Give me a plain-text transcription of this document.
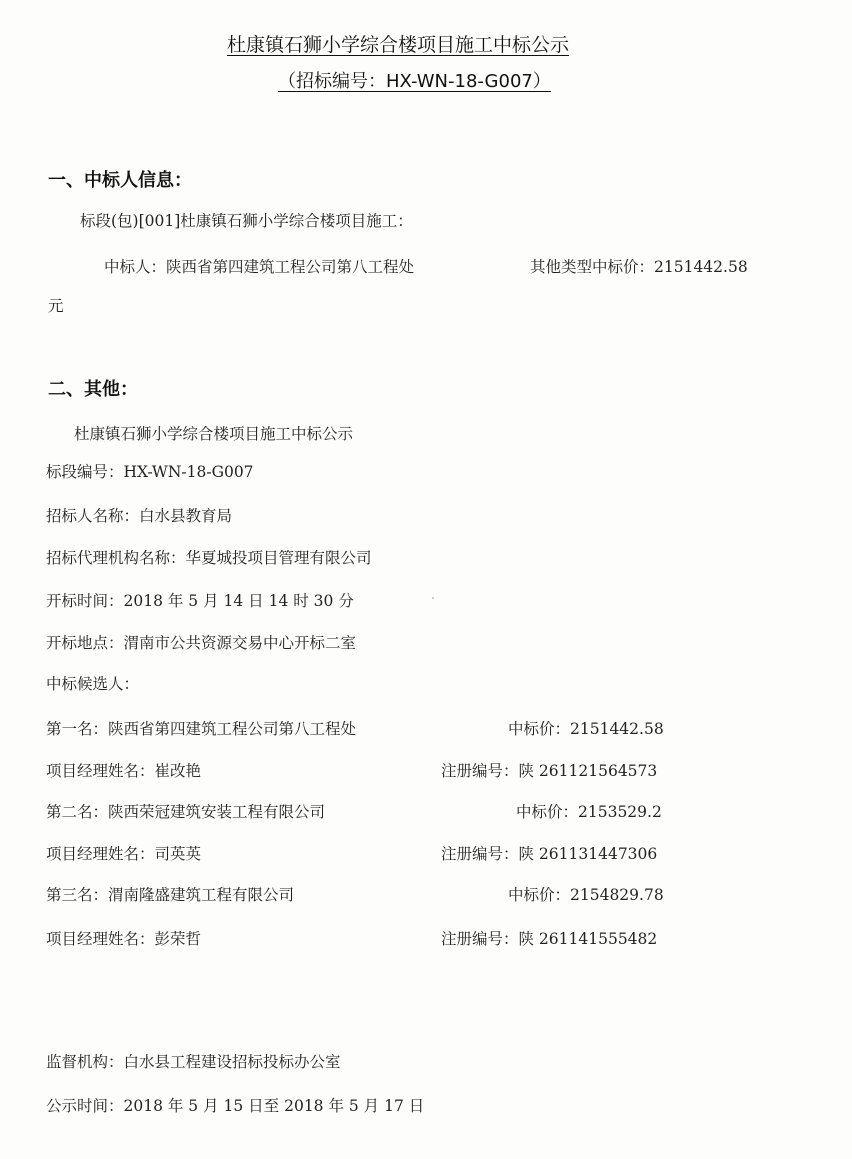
杜康镇石狮小学综合楼项目施工中标公示
（招标编号：HX-WN-18-G007）
一、中标人信息：
标段(包)[001]杜康镇石狮小学综合楼项目施工：
中标人：陕西省第四建筑工程公司第八工程处	其他类型中标价：2151442.58
元
二、其他：
杜康镇石狮小学综合楼项目施工中标公示
标段编号：HX-WN-18-G007
招标人名称：白水县教育局
招标代理机构名称：华夏城投项目管理有限公司
开标时间：2018 年 5 月 14 日 14 时 30 分
开标地点：渭南市公共资源交易中心开标二室
中标候选人：
第一名：陕西省第四建筑工程公司第八工程处	中标价：2151442.58
项目经理姓名：崔改艳	注册编号：陕 261121564573
第二名：陕西荣冠建筑安装工程有限公司	中标价：2153529.2
项目经理姓名：司英英	注册编号：陕 261131447306
第三名：渭南隆盛建筑工程有限公司	中标价：2154829.78
项目经理姓名：彭荣哲	注册编号：陕 261141555482
监督机构：白水县工程建设招标投标办公室
公示时间：2018 年 5 月 15 日至 2018 年 5 月 17 日
